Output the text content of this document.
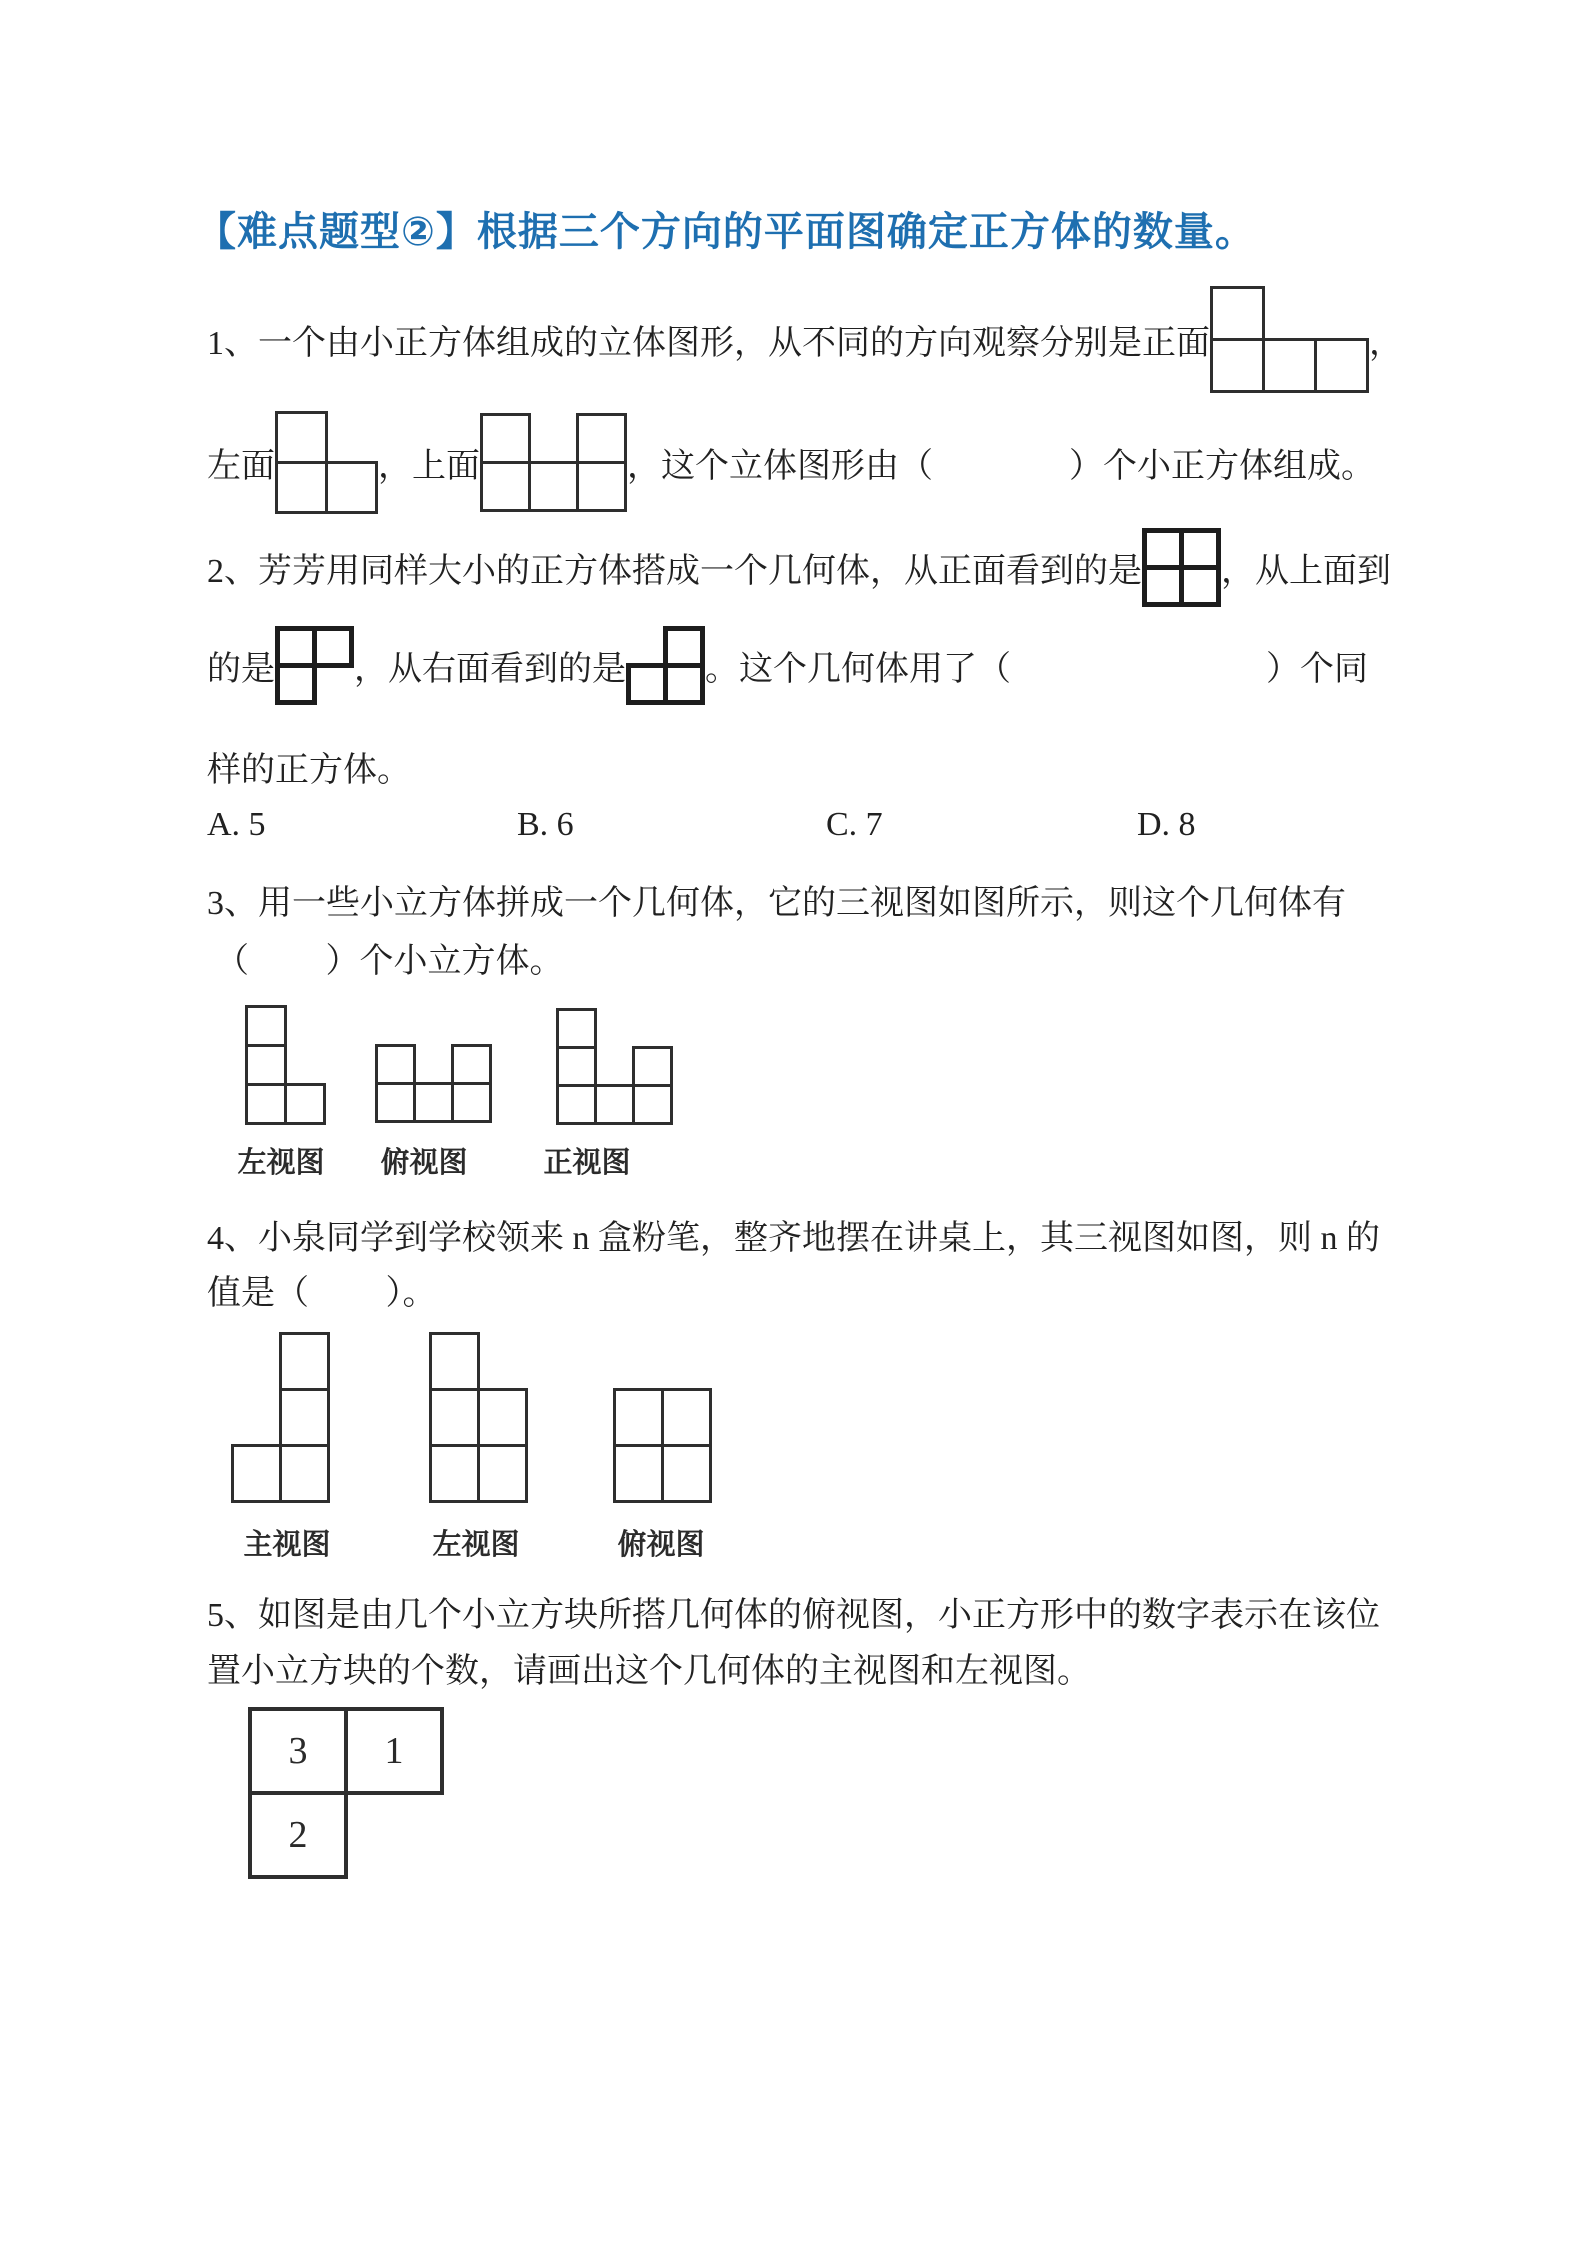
【难点题型②】根据三个方向的平面图确定正方体的数量。
1、一个由小正方体组成的立体图形，从不同的方向观察分别是正面	，
左面	，上面	，这个立体图形由（                ）个小正方体组成。
2、芳芳用同样大小的正方体搭成一个几何体，从正面看到的是 ，从上面到
的是 ，从右面看到的是 。这个几何体用了（                              ）个同
样的正方体。
A. 5	B. 6	C. 7	D. 8
3、用一些小立方体拼成一个几何体，它的三视图如图所示，则这个几何体有
（         ）个小立方体。
左视图	俯视图	正视图
4、小泉同学到学校领来 n 盒粉笔，整齐地摆在讲桌上，其三视图如图，则 n 的
值是（         ）。
主视图	左视图	俯视图
5、如图是由几个小立方块所搭几何体的俯视图，小正方形中的数字表示在该位
置小立方块的个数，请画出这个几何体的主视图和左视图。
3	1
2
